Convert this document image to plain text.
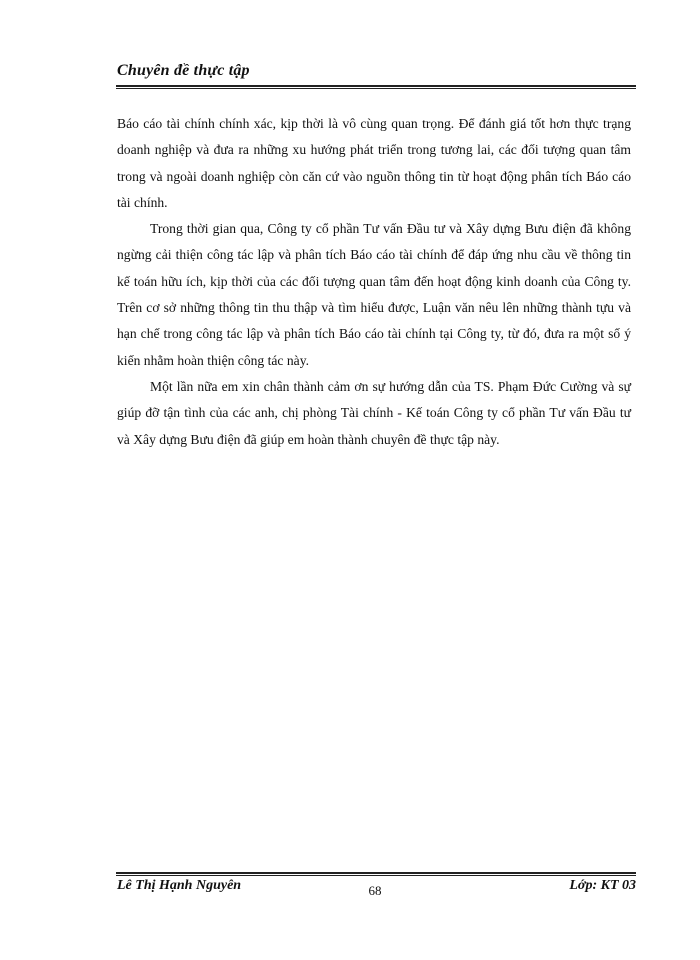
Chuyên đề thực tập

Báo cáo tài chính chính xác, kịp thời là vô cùng quan trọng. Để đánh giá tốt hơn thực trạng doanh nghiệp và đưa ra những xu hướng phát triển trong tương lai, các đối tượng quan tâm trong và ngoài doanh nghiệp còn căn cứ vào nguồn thông tin từ hoạt động phân tích Báo cáo tài chính.

Trong thời gian qua, Công ty cổ phần Tư vấn Đầu tư và Xây dựng Bưu điện đã không ngừng cải thiện công tác lập và phân tích Báo cáo tài chính để đáp ứng nhu cầu về thông tin kế toán hữu ích, kịp thời của các đối tượng quan tâm đến hoạt động kinh doanh của Công ty. Trên cơ sở những thông tin thu thập và tìm hiểu được, Luận văn nêu lên những thành tựu và hạn chế trong công tác lập và phân tích Báo cáo tài chính tại Công ty, từ đó, đưa ra một số ý kiến nhằm hoàn thiện công tác này.

Một lần nữa em xin chân thành cảm ơn sự hướng dẫn của TS. Phạm Đức Cường và sự giúp đỡ tận tình của các anh, chị phòng Tài chính - Kế toán Công ty cổ phần Tư vấn Đầu tư và Xây dựng Bưu điện đã giúp em hoàn thành chuyên đề thực tập này.

Lê Thị Hạnh Nguyên	68	Lớp: KT 03
